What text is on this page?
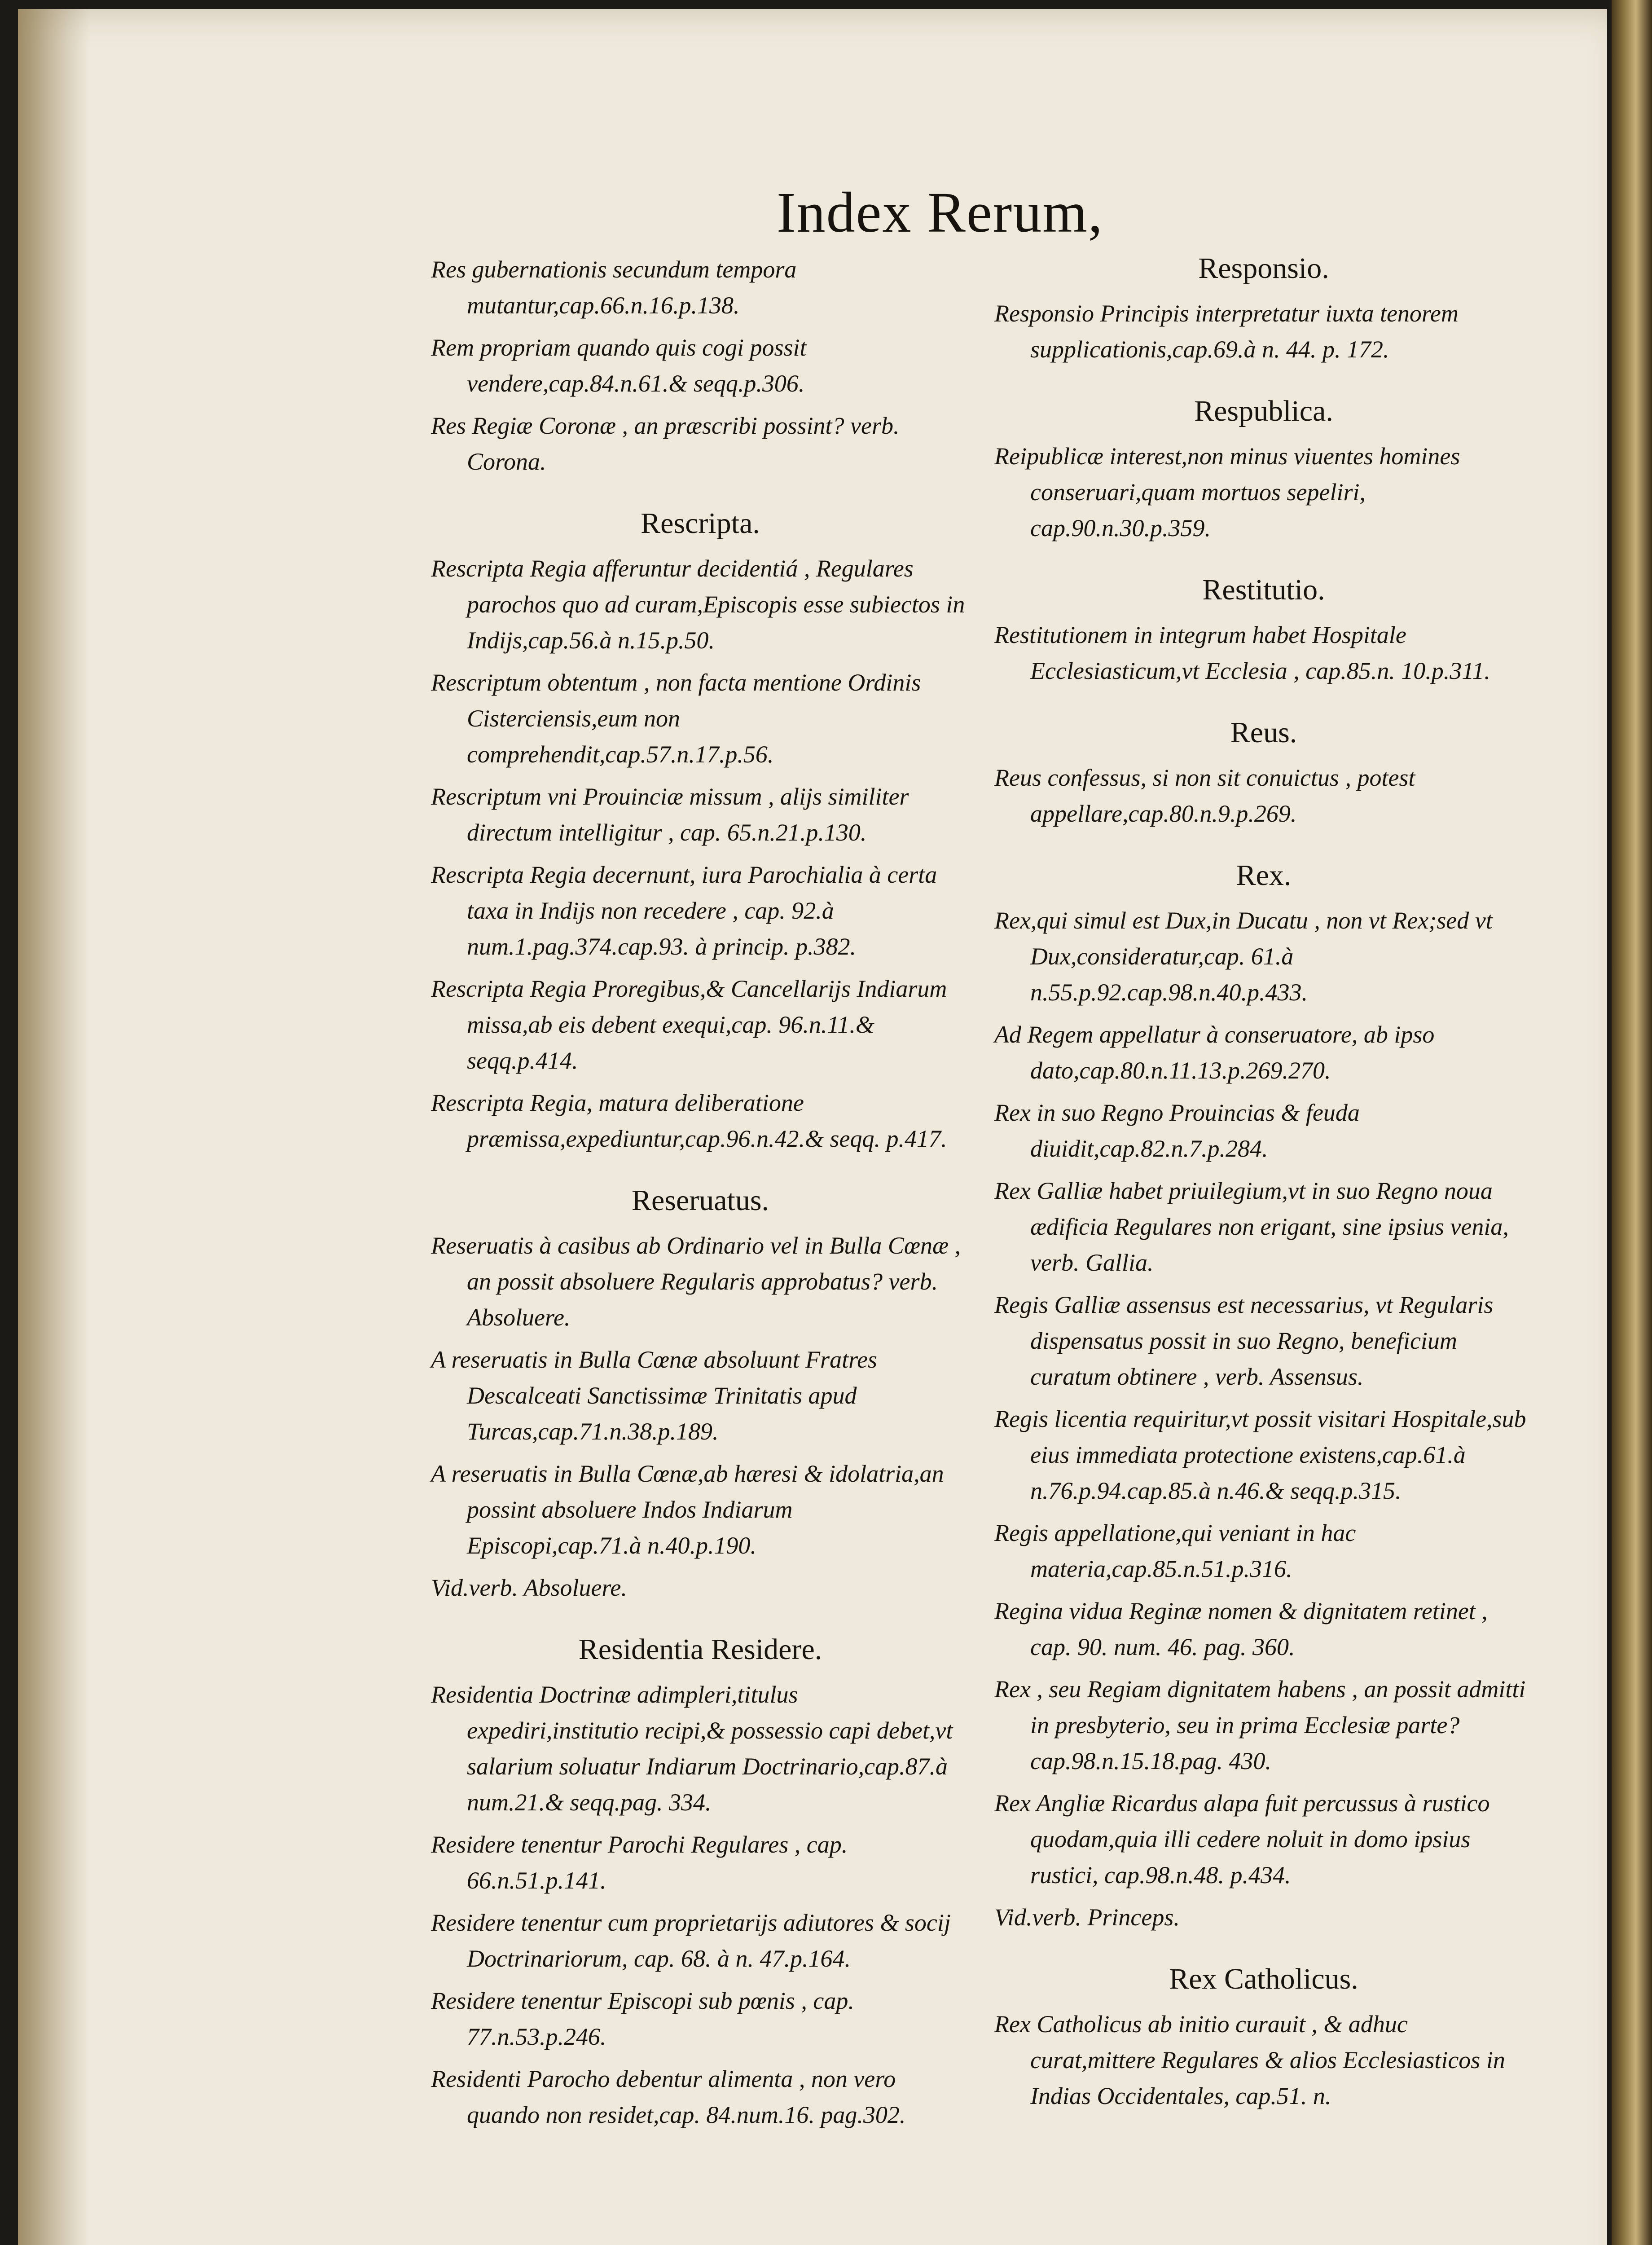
Index Rerum,
Res gubernationis secundum tempora mutantur,cap.66.n.16.p.138.
Rem propriam quando quis cogi possit vendere,cap.84.n.61.& seqq.p.306.
Res Regiæ Coronæ , an præscribi possint? verb. Corona.
Rescripta.
Rescripta Regia afferuntur decidentiá , Regulares parochos quo ad curam,Episcopis esse subiectos in Indijs,cap.56.à n.15.p.50.
Rescriptum obtentum , non facta mentione Ordinis Cisterciensis,eum non comprehendit,cap.57.n.17.p.56.
Rescriptum vni Prouinciæ missum , alijs similiter directum intelligitur , cap. 65.n.21.p.130.
Rescripta Regia decernunt, iura Parochialia à certa taxa in Indijs non recedere , cap. 92.à num.1.pag.374.cap.93. à princip. p.382.
Rescripta Regia Proregibus,& Cancellarijs Indiarum missa,ab eis debent exequi,cap. 96.n.11.& seqq.p.414.
Rescripta Regia, matura deliberatione præmissa,expediuntur,cap.96.n.42.& seqq. p.417.
Reseruatus.
Reseruatis à casibus ab Ordinario vel in Bulla Cœnæ , an possit absoluere Regularis approbatus? verb. Absoluere.
A reseruatis in Bulla Cœnæ absoluunt Fratres Descalceati Sanctissimæ Trinitatis apud Turcas,cap.71.n.38.p.189.
A reseruatis in Bulla Cœnæ,ab hæresi & idolatria,an possint absoluere Indos Indiarum Episcopi,cap.71.à n.40.p.190.
Vid.verb. Absoluere.
Residentia Residere.
Residentia Doctrinæ adimpleri,titulus expediri,institutio recipi,& possessio capi debet,vt salarium soluatur Indiarum Doctrinario,cap.87.à num.21.& seqq.pag. 334.
Residere tenentur Parochi Regulares , cap. 66.n.51.p.141.
Residere tenentur cum proprietarijs adiutores & socij Doctrinariorum, cap. 68. à n. 47.p.164.
Residere tenentur Episcopi sub pœnis , cap. 77.n.53.p.246.
Residenti Parocho debentur alimenta , non vero quando non residet,cap. 84.num.16. pag.302.
Responsio.
Responsio Principis interpretatur iuxta tenorem supplicationis,cap.69.à n. 44. p. 172.
Respublica.
Reipublicæ interest,non minus viuentes homines conseruari,quam mortuos sepeliri, cap.90.n.30.p.359.
Restitutio.
Restitutionem in integrum habet Hospitale Ecclesiasticum,vt Ecclesia , cap.85.n. 10.p.311.
Reus.
Reus confessus, si non sit conuictus , potest appellare,cap.80.n.9.p.269.
Rex.
Rex,qui simul est Dux,in Ducatu , non vt Rex;sed vt Dux,consideratur,cap. 61.à n.55.p.92.cap.98.n.40.p.433.
Ad Regem appellatur à conseruatore, ab ipso dato,cap.80.n.11.13.p.269.270.
Rex in suo Regno Prouincias & feuda diuidit,cap.82.n.7.p.284.
Rex Galliæ habet priuilegium,vt in suo Regno noua ædificia Regulares non erigant, sine ipsius venia, verb. Gallia.
Regis Galliæ assensus est necessarius, vt Regularis dispensatus possit in suo Regno, beneficium curatum obtinere , verb. Assensus.
Regis licentia requiritur,vt possit visitari Hospitale,sub eius immediata protectione existens,cap.61.à n.76.p.94.cap.85.à n.46.& seqq.p.315.
Regis appellatione,qui veniant in hac materia,cap.85.n.51.p.316.
Regina vidua Reginæ nomen & dignitatem retinet , cap. 90. num. 46. pag. 360.
Rex , seu Regiam dignitatem habens , an possit admitti in presbyterio, seu in prima Ecclesiæ parte? cap.98.n.15.18.pag. 430.
Rex Angliæ Ricardus alapa fuit percussus à rustico quodam,quia illi cedere noluit in domo ipsius rustici, cap.98.n.48. p.434.
Vid.verb. Princeps.
Rex Catholicus.
Rex Catholicus ab initio curauit , & adhuc curat,mittere Regulares & alios Ecclesiasticos in Indias Occidentales, cap.51. n.
